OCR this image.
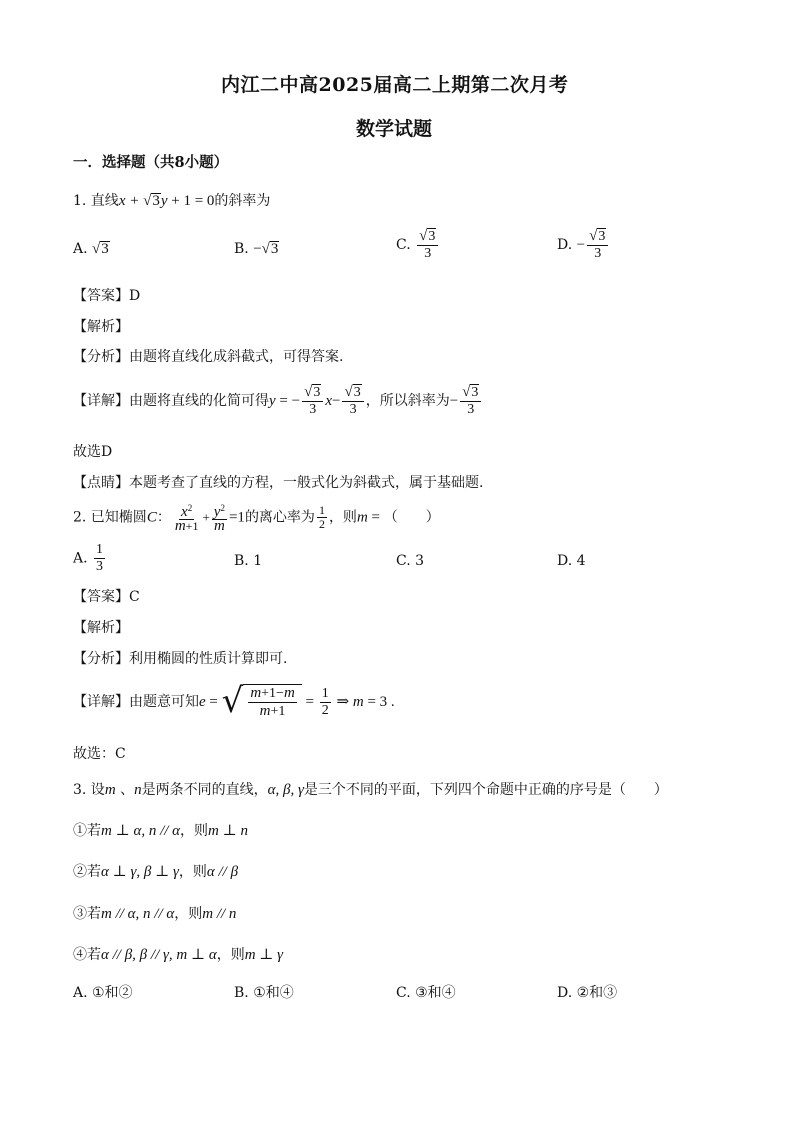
内江二中高2025届高二上期第二次月考
数学试题
一．选择题（共8小题）
1. 直线x + √ 3 y + 1 = 0的斜率为
A. √ 3	B. − √ 3	C. $\frac{√ 3}{3}$	D. − $\frac{√ 3}{3}$
【答案】D
【解析】
【分析】由题将直线化成斜截式，可得答案.
【详解】由题将直线的化简可得y = − $\frac{√ 3}{3} x- \frac{√ 3}{3}$ ，所以斜率为− $\frac{√ 3}{3}$
故选D
【点睛】本题考查了直线的方程，一般式化为斜截式，属于基础题.
2. 已知椭圆C： $\frac{x^2}{m+1} + \frac{y^2}{m} =1$的离心率为 $\frac{1}{2}$ ，则m = （　　）
A. $\frac{1}{3}$	B. 1	C. 3	D. 4
【答案】C
【解析】
【分析】利用椭圆的性质计算即可.
【详解】由题意可知e = √ $\frac{m+1-m}{m+1} = \frac{1}{2}$ ⇒ m = 3 .
故选：C
3. 设m 、n是两条不同的直线，α, β, γ是三个不同的平面，下列四个命题中正确的序号是（　　）
①若m ⊥ α, n // α，则m ⊥ n
②若α ⊥ γ, β ⊥ γ，则α // β
③若m // α, n // α，则m // n
④若α // β, β // γ, m ⊥ α，则m ⊥ γ
A. ①和②	B. ①和④	C. ③和④	D. ②和③
